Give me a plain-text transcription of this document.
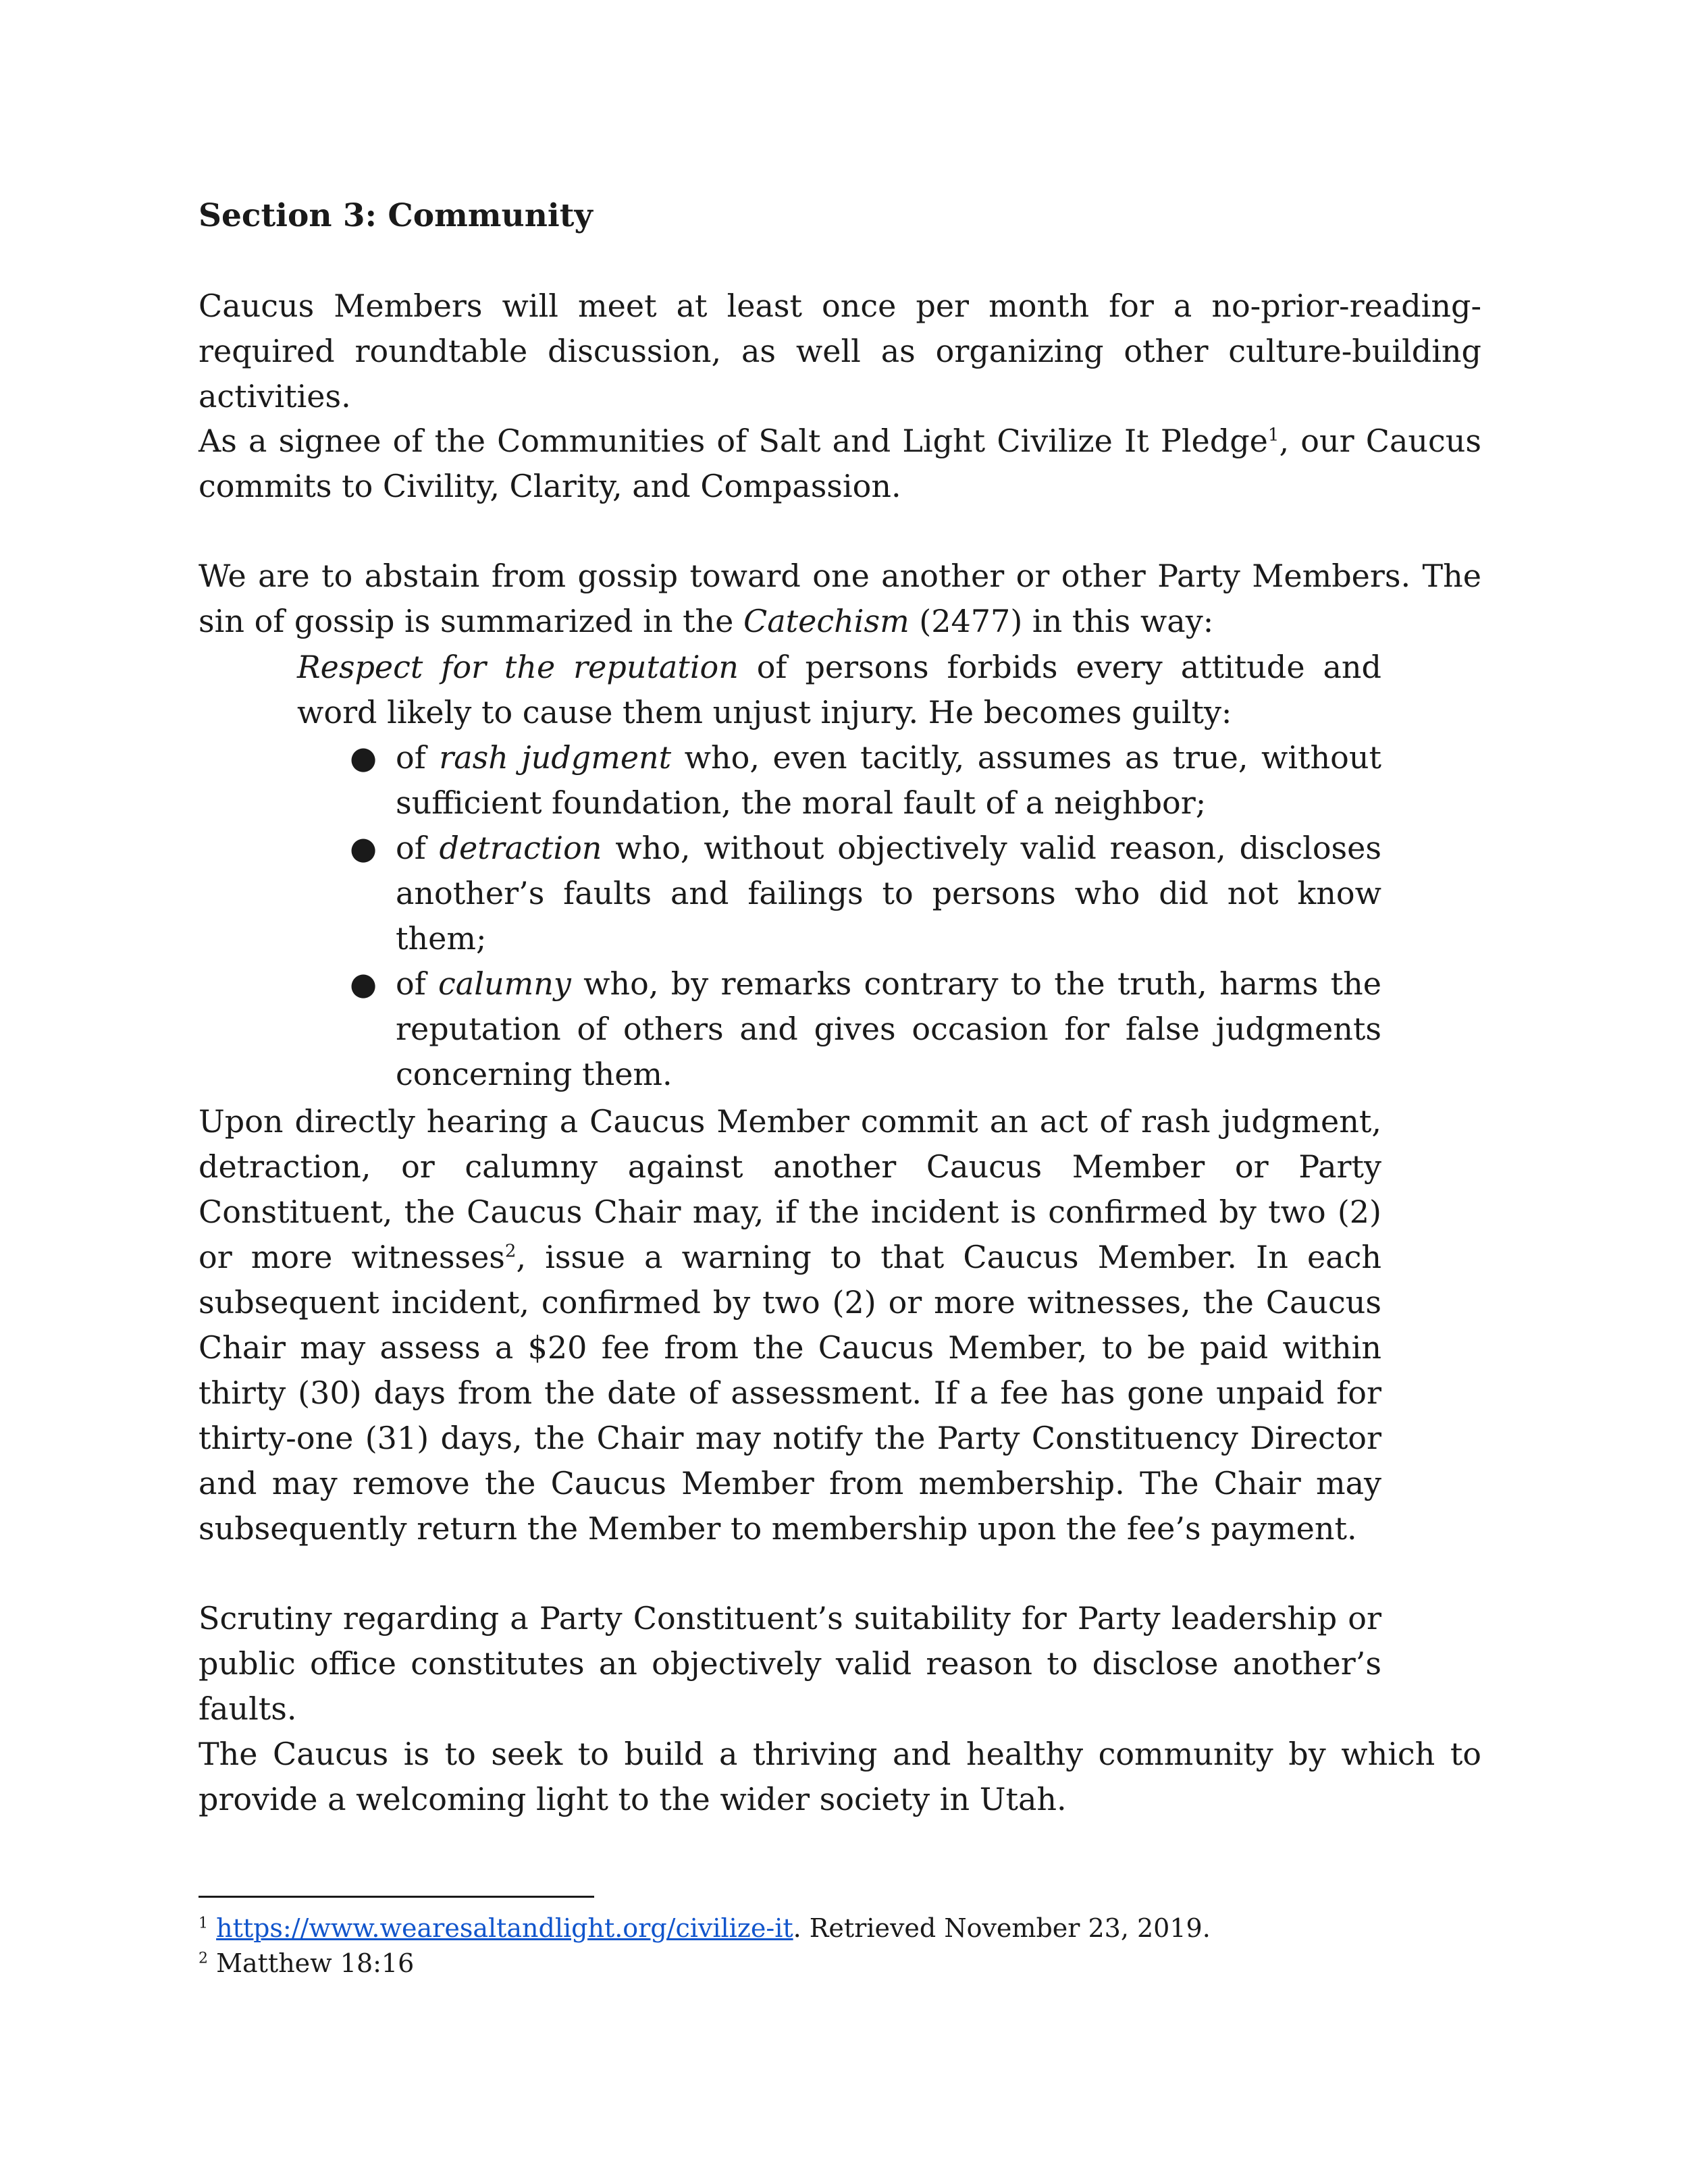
Section 3: Community

Caucus Members will meet at least once per month for a no-prior-reading-required roundtable discussion, as well as organizing other culture-building activities.

As a signee of the Communities of Salt and Light Civilize It Pledge$^1$, our Caucus commits to Civility, Clarity, and Compassion.

We are to abstain from gossip toward one another or other Party Members. The sin of gossip is summarized in the Catechism (2477) in this way:

Respect for the reputation of persons forbids every attitude and word likely to cause them unjust injury. He becomes guilty:

● of rash judgment who, even tacitly, assumes as true, without sufficient foundation, the moral fault of a neighbor;
● of detraction who, without objectively valid reason, discloses another’s faults and failings to persons who did not know them;
● of calumny who, by remarks contrary to the truth, harms the reputation of others and gives occasion for false judgments concerning them.

Upon directly hearing a Caucus Member commit an act of rash judgment, detraction, or calumny against another Caucus Member or Party Constituent, the Caucus Chair may, if the incident is confirmed by two (2) or more witnesses$^2$, issue a warning to that Caucus Member. In each subsequent incident, confirmed by two (2) or more witnesses, the Caucus Chair may assess a $20 fee from the Caucus Member, to be paid within thirty (30) days from the date of assessment. If a fee has gone unpaid for thirty-one (31) days, the Chair may notify the Party Constituency Director and may remove the Caucus Member from membership. The Chair may subsequently return the Member to membership upon the fee’s payment.

Scrutiny regarding a Party Constituent’s suitability for Party leadership or public office constitutes an objectively valid reason to disclose another’s faults.

The Caucus is to seek to build a thriving and healthy community by which to provide a welcoming light to the wider society in Utah.

$^1$ https://www.wearesaltandlight.org/civilize-it. Retrieved November 23, 2019.
$^2$ Matthew 18:16
